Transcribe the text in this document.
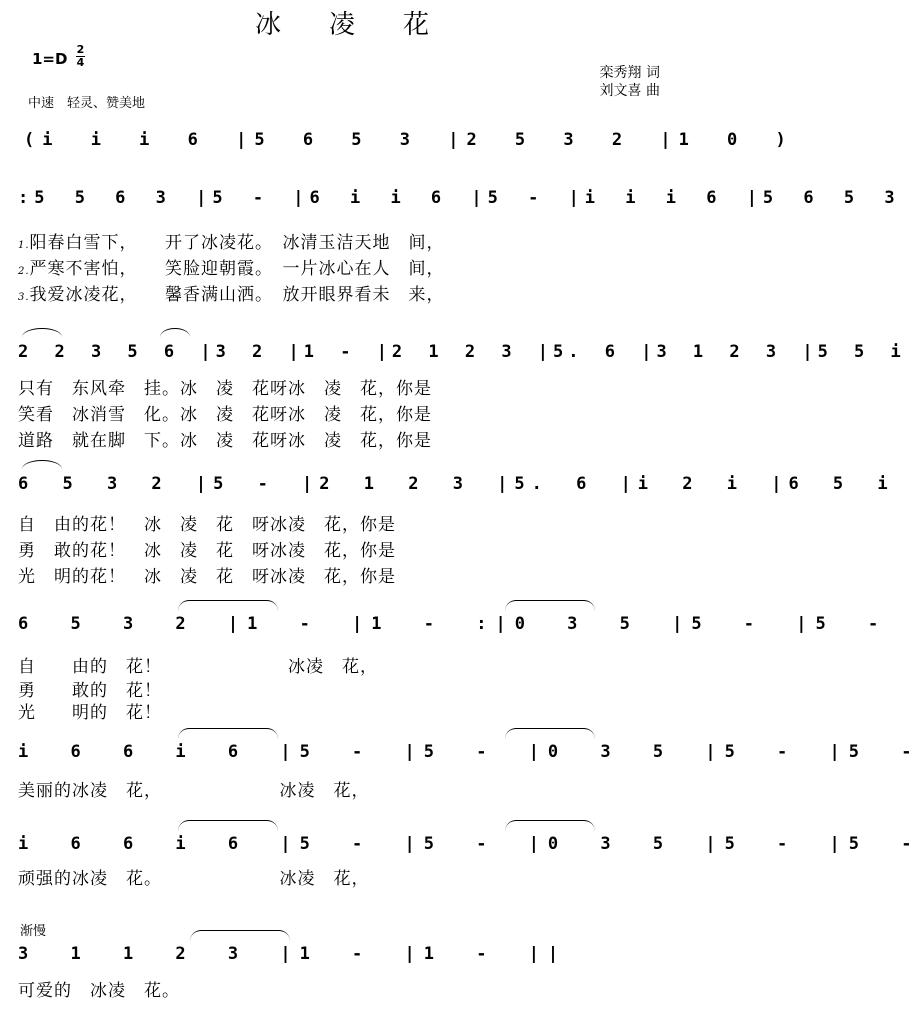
冰凌花
1=D
2
4
栾秀翔 词
刘文喜 曲
中速　轻灵、赞美地
(i i i 6 |5 6 5 3 |2 5 3 2 |1 0 )
:5 5 6 3 |5 - |6 i i 6 |5 - |i i i 6 |5 6 5 3
1.阳春白雪下，　　开了冰凌花。　冰清玉洁天地　间，
2.严寒不害怕，　　笑脸迎朝霞。　一片冰心在人　间，
3.我爱冰凌花，　　馨香满山洒。　放开眼界看未　来，
2 2 3 5 6 |3 2 |1 - |2 1 2 3 |5. 6 |3 1 2 3 |5 5 i
只有　东风牵　挂。冰　凌　花呀冰　凌　花，你是
笑看　冰消雪　化。冰　凌　花呀冰　凌　花，你是
道路　就在脚　下。冰　凌　花呀冰　凌　花，你是
6 5 3 2 |5 - |2 1 2 3 |5. 6 |i 2 i |6 5 i
自　由的花！　冰　凌　花　呀冰凌　花，你是
勇　敢的花！　冰　凌　花　呀冰凌　花，你是
光　明的花！　冰　凌　花　呀冰凌　花，你是
6 5 3 2 |1 - |1 - :|0 3 5 |5 - |5 -
自　　由的　花！　　　　　　　冰凌　花，
勇　　敢的　花！
光　　明的　花！
i 6 6 i 6 |5 - |5 - |0 3 5 |5 - |5 -
美丽的冰凌　花，　　　　　　　冰凌　花，
i 6 6 i 6 |5 - |5 - |0 3 5 |5 - |5 -
顽强的冰凌　花。　　　　　　　冰凌　花，
渐慢
3 1 1 2 3 |1 - |1 - ||
可爱的　冰凌　花。
